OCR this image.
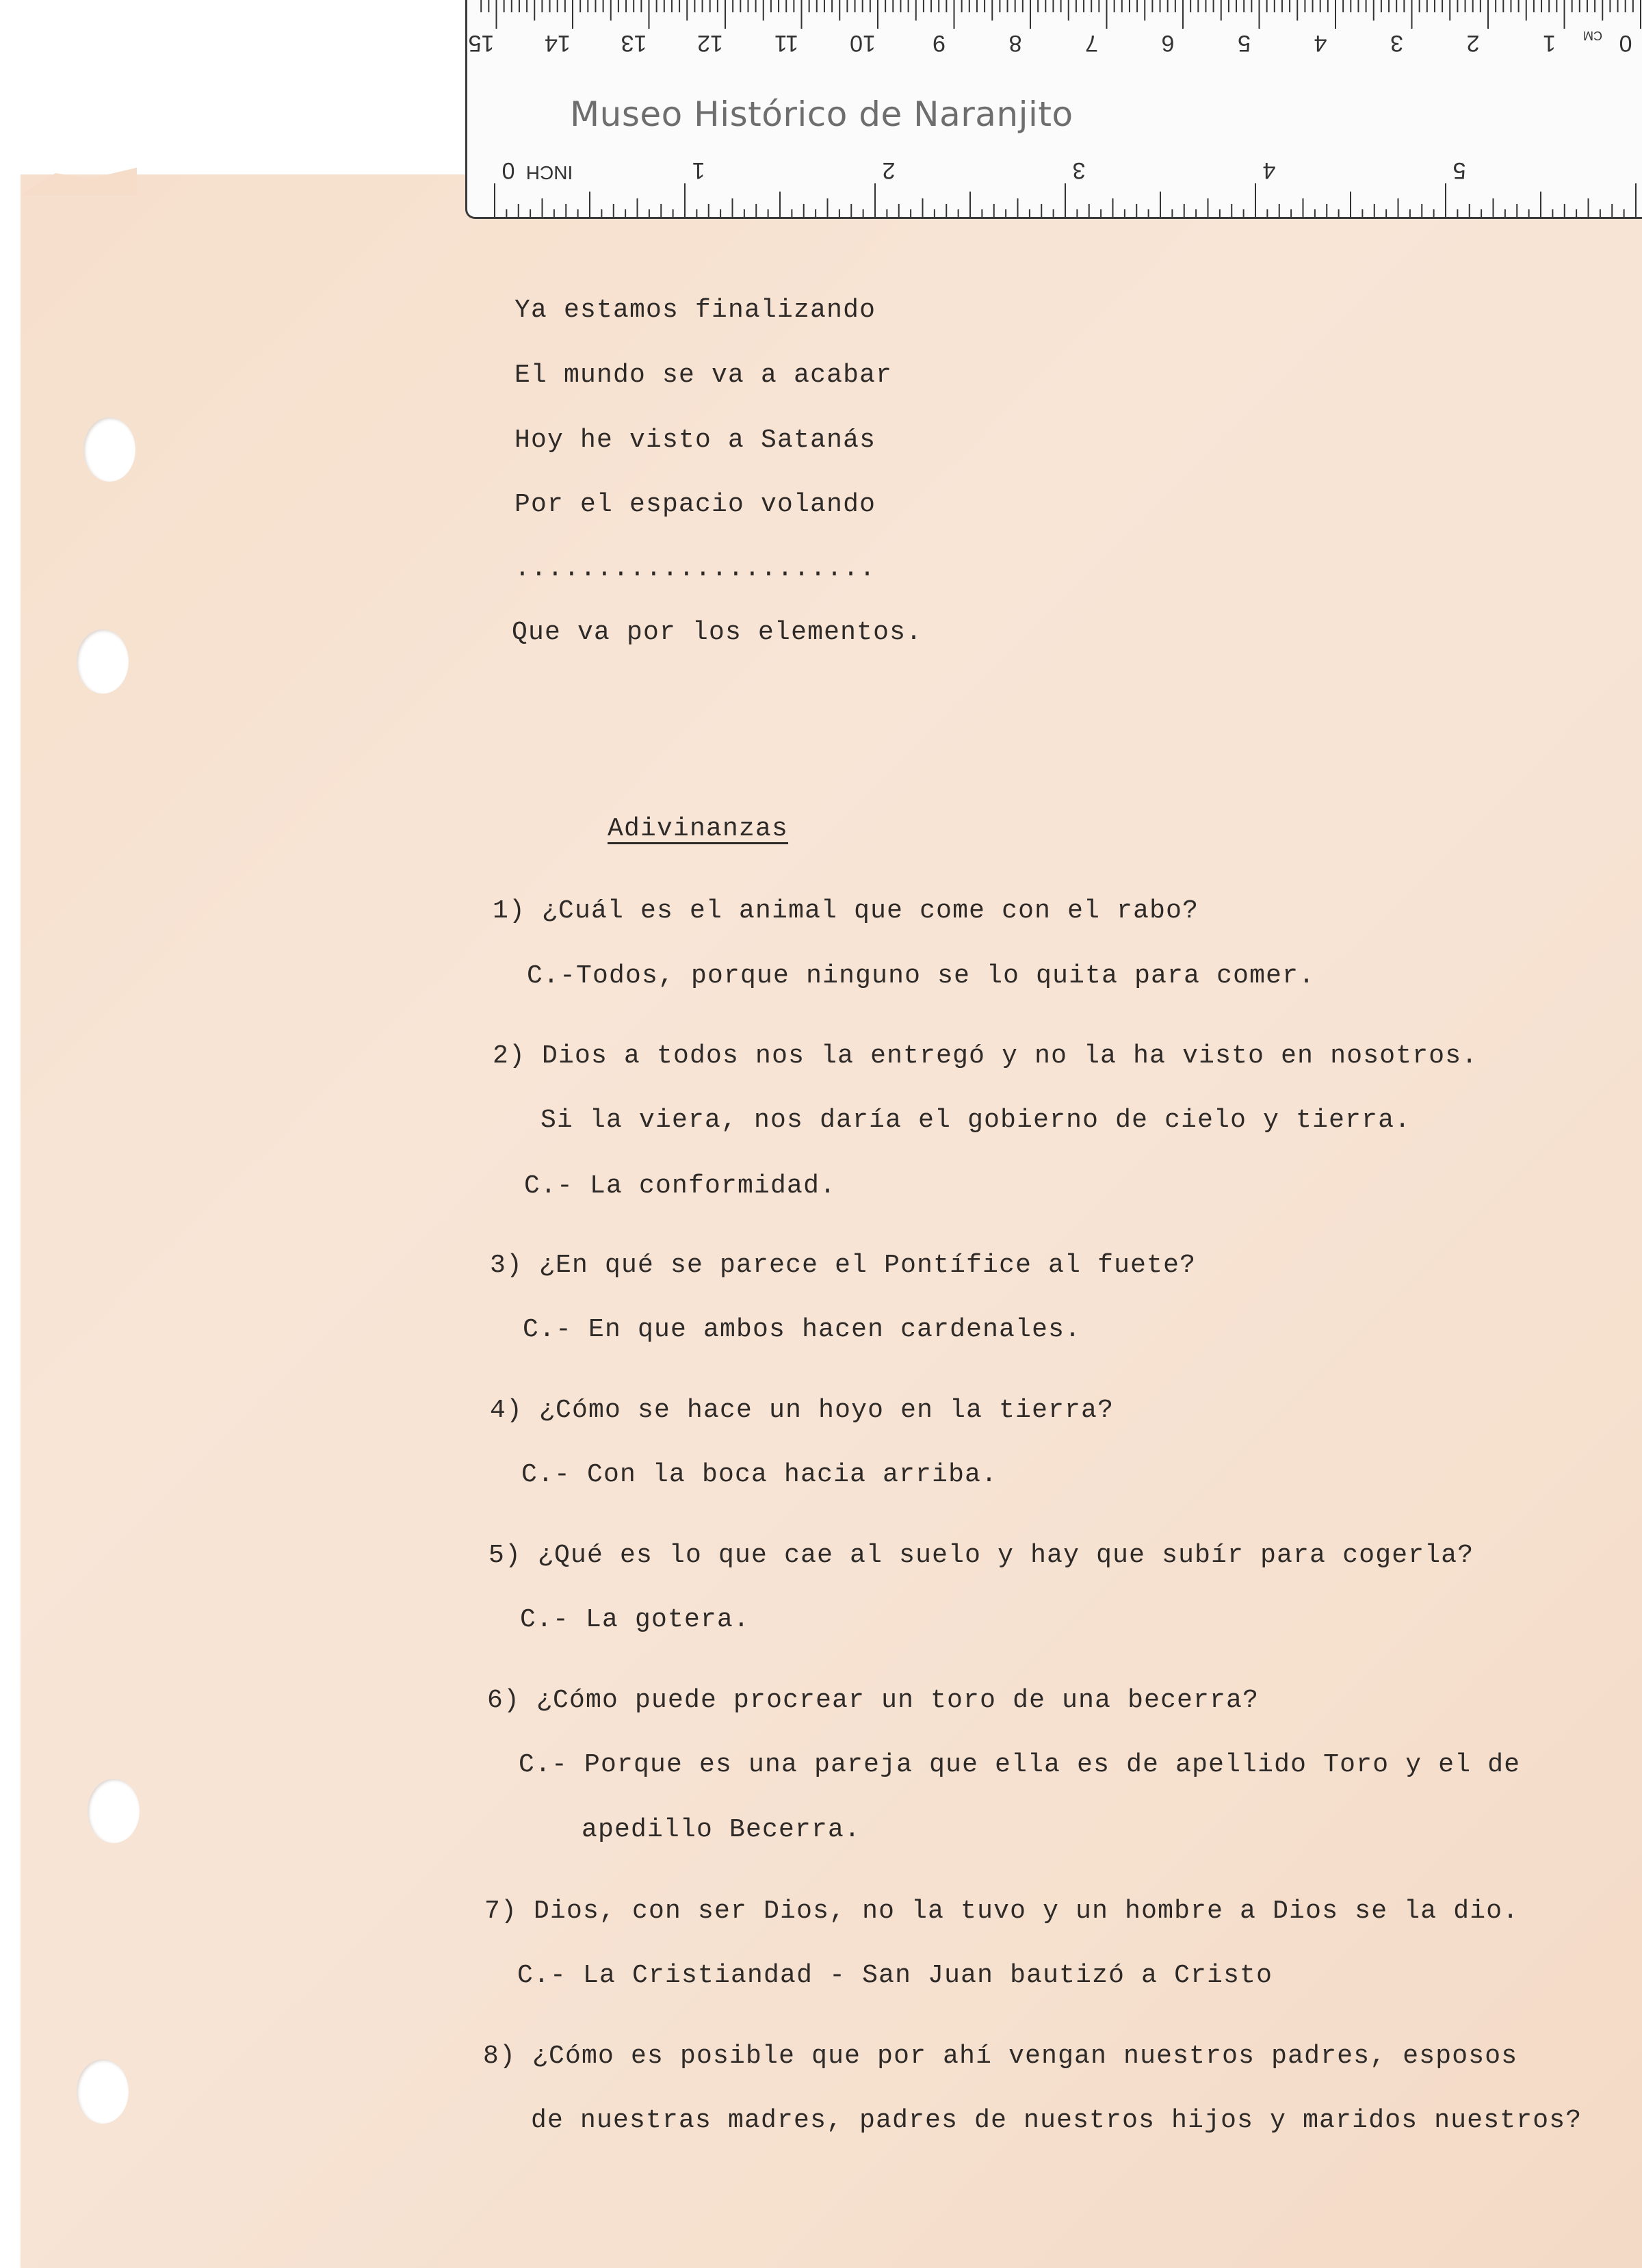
0
1
2
3
4
5
6
7
8
9
10
11
12
13
14
15	CM
0	1	2	3	4	5
INCH
Museo Histórico de Naranjito
Ya estamos finalizando
El mundo se va a acabar
Hoy he visto a Satanás
Por el espacio volando
......................
Que va por los elementos.
Adivinanzas
1) ¿Cuál es el animal que come con el rabo?
C.-Todos, porque ninguno se lo quita para comer.
2) Dios a todos nos la entregó y no la ha visto en nosotros.
Si la viera, nos daría el gobierno de cielo y tierra.
C.- La conformidad.
3) ¿En qué se parece el Pontífice al fuete?
C.- En que ambos hacen cardenales.
4) ¿Cómo se hace un hoyo en la tierra?
C.- Con la boca hacia arriba.
5) ¿Qué es lo que cae al suelo y hay que subír para cogerla?
C.- La gotera.
6) ¿Cómo puede procrear un toro de una becerra?
C.- Porque es una pareja que ella es de apellido Toro y el de
apedillo Becerra.
7) Dios, con ser Dios, no la tuvo y un hombre a Dios se la dio.
C.- La Cristiandad - San Juan bautizó a Cristo
8) ¿Cómo es posible que por ahí vengan nuestros padres, esposos
de nuestras madres, padres de nuestros hijos y maridos nuestros?
